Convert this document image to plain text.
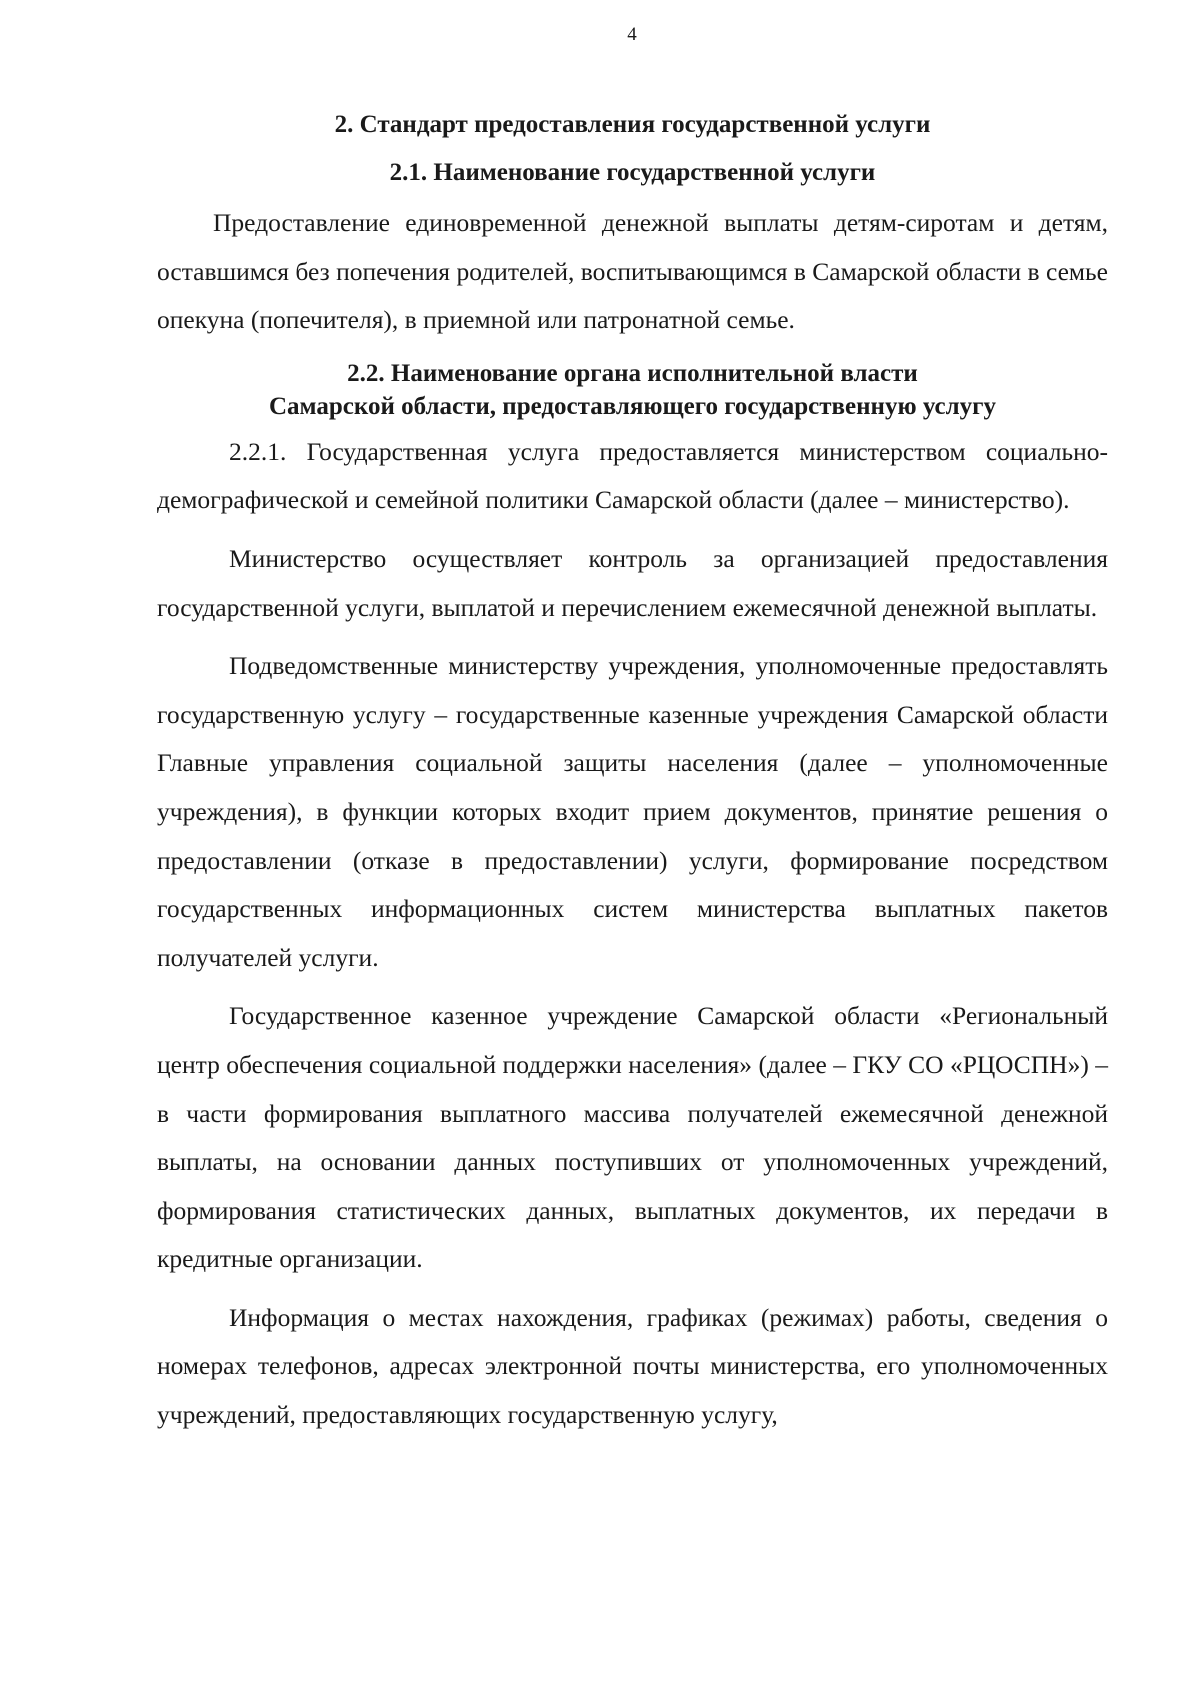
4
2. Стандарт предоставления государственной услуги
2.1. Наименование государственной услуги

Предоставление единовременной денежной выплаты детям-сиротам и детям, оставшимся без попечения родителей, воспитывающимся в Самарской области в семье опекуна (попечителя), в приемной или патронатной семье.

2.2. Наименование органа исполнительной власти
Самарской области, предоставляющего государственную услугу

2.2.1. Государственная услуга предоставляется министерством социально-демографической и семейной политики Самарской области (далее – министерство).

Министерство осуществляет контроль за организацией предоставления государственной услуги, выплатой и перечислением ежемесячной денежной выплаты.

Подведомственные министерству учреждения, уполномоченные предоставлять государственную услугу – государственные казенные учреждения Самарской области Главные управления социальной защиты населения (далее – уполномоченные учреждения), в функции которых входит прием документов, принятие решения о предоставлении (отказе в предоставлении) услуги, формирование посредством государственных информационных систем министерства выплатных пакетов получателей услуги.

Государственное казенное учреждение Самарской области «Региональный центр обеспечения социальной поддержки населения» (далее – ГКУ СО «РЦОСПН») – в части формирования выплатного массива получателей ежемесячной денежной выплаты, на основании данных поступивших от уполномоченных учреждений, формирования статистических данных, выплатных документов, их передачи в кредитные организации.

Информация о местах нахождения, графиках (режимах) работы, сведения о номерах телефонов, адресах электронной почты министерства, его уполномоченных учреждений, предоставляющих государственную услугу,
